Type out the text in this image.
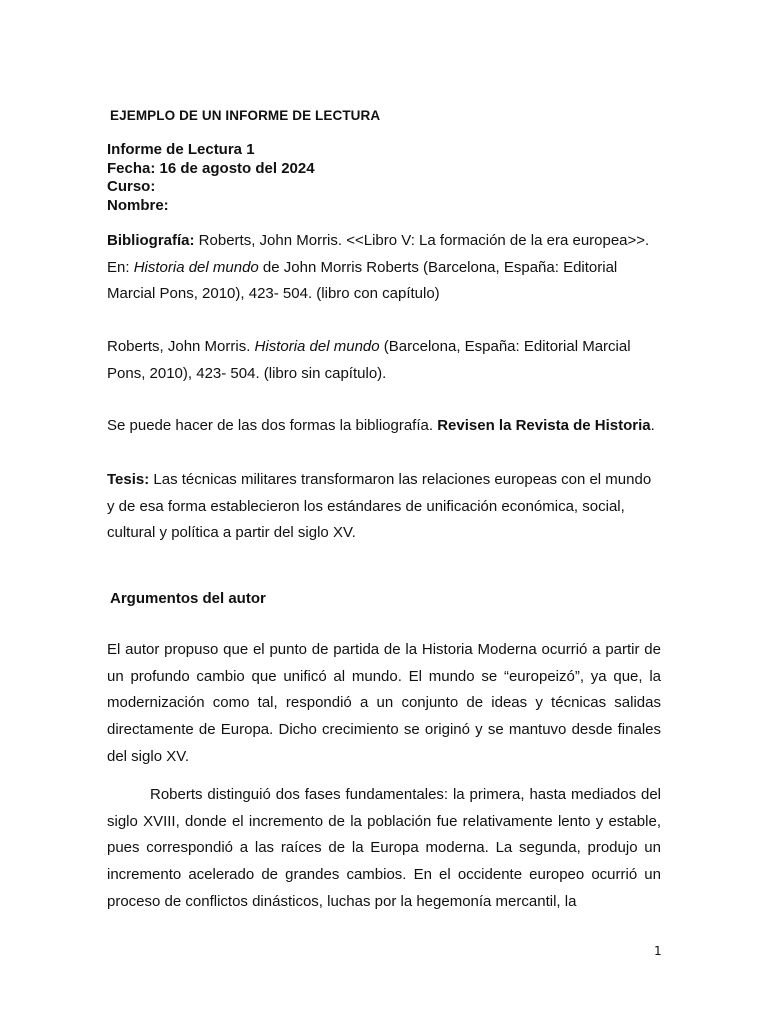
EJEMPLO DE UN INFORME DE LECTURA
Informe de Lectura 1
Fecha: 16 de agosto del 2024
Curso:
Nombre:
Bibliografía: Roberts, John Morris. <<Libro V: La formación de la era europea>>. En: Historia del mundo de John Morris Roberts (Barcelona, España: Editorial Marcial Pons, 2010), 423- 504. (libro con capítulo)
Roberts, John Morris. Historia del mundo (Barcelona, España: Editorial Marcial Pons, 2010), 423- 504. (libro sin capítulo).
Se puede hacer de las dos formas la bibliografía. Revisen la Revista de Historia.
Tesis: Las técnicas militares transformaron las relaciones europeas con el mundo y de esa forma establecieron los estándares de unificación económica, social, cultural y política a partir del siglo XV.
Argumentos del autor
El autor propuso que el punto de partida de la Historia Moderna ocurrió a partir de un profundo cambio que unificó al mundo. El mundo se “europeizó”, ya que, la modernización como tal, respondió a un conjunto de ideas y técnicas salidas directamente de Europa. Dicho crecimiento se originó y se mantuvo desde finales del siglo XV.
Roberts distinguió dos fases fundamentales: la primera, hasta mediados del siglo XVIII, donde el incremento de la población fue relativamente lento y estable, pues correspondió a las raíces de la Europa moderna. La segunda, produjo un incremento acelerado de grandes cambios. En el occidente europeo ocurrió un proceso de conflictos dinásticos, luchas por la hegemonía mercantil, la
1
